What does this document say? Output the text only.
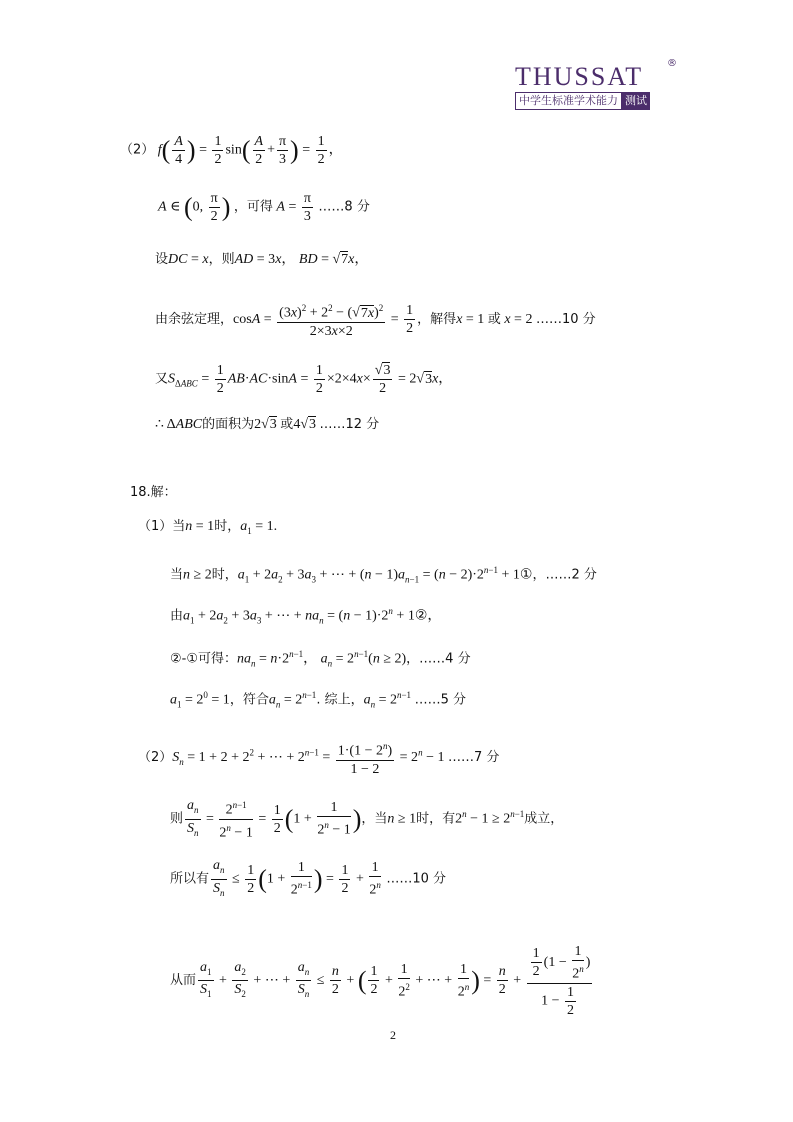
THUSSAT	®
中学生标准学术能力 测试
（2） $f( \frac{A}{4}$ ) = $\frac{1}{2} \sin( \frac{A}{2} + \frac{\pi}{3}$ ) = $\frac{1}{2}$ ，
A ∈ (0, $\frac{\pi}{2}$ ) ，可得 $A = \frac{\pi}{3}$ ……8 分
设DC = x，则AD = 3x， BD = √7x，
由余弦定理，$\cos A = \frac{(3x)^2 + 2^2 - (√7x)^2}{2\times 3x\times 2} = \frac{1}{2}$ ，解得x = 1 或 x = 2 ……10 分
又$S_{\Delta ABC} = \frac{1}{2} AB\cdot AC\cdot\sin A = \frac{1}{2} \times 2\times 4x\times \frac{√3}{2} = 2√3x$，
∴ ΔABC的面积为2√3 或4√3 ……12 分
18.解：
（1）当n = 1时，$a_1 = 1$.
当n ≥ 2时，$a_1 + 2a_2 + 3a_3$ + ⋯ + $(n - 1)a_{n-1} = (n - 2)\cdot 2^{n-1}$ + 1①，……2 分
由$a_1 + 2a_2 + 3a_3$ + ⋯ + $na_n = (n - 1)\cdot 2^n$ + 1②，
②-①可得：$na_n = n\cdot 2^{n-1}$， $a_n = 2^{n-1}(n \ge 2)$，……4 分
$a_1 = 2^0 = 1$，符合$a_n = 2^{n-1}$. 综上，$a_n = 2^{n-1}$ ……5 分
$(2)S_n = 1 + 2 + 2^2$ + ⋯ + $2^{n-1} = \frac{1\cdot(1 - 2^n)}{1 - 2} = 2^n - 1$ ……7 分
则 $\frac{a_n}{S_n} = \frac{2^{n-1}}{2^n - 1} = \frac{1}{2} (1 + \frac{1}{2^n - 1}$ )，当n ≥ 1时，有$2^n - 1 \ge 2^{n-1}$成立，
所以有 $\frac{a_n}{S_n} \le \frac{1}{2} (1 + \frac{1}{2^{n-1}}$ ) = $\frac{1}{2} + \frac{1}{2^n}$ ……10 分
从而 $\frac{a_1}{S_1} + \frac{a_2}{S_2}$ + ⋯ + $\frac{a_n}{S_n} \le \frac{n}{2}$ + ( $\frac{1}{2} + \frac{1}{2^2}$ + ⋯ + $\frac{1}{2^n}$ ) = $\frac{n}{2} + \frac{\frac{1}{2} (1 - \frac{1}{2^n} )}{1 - \frac{1}{2}}$
2
